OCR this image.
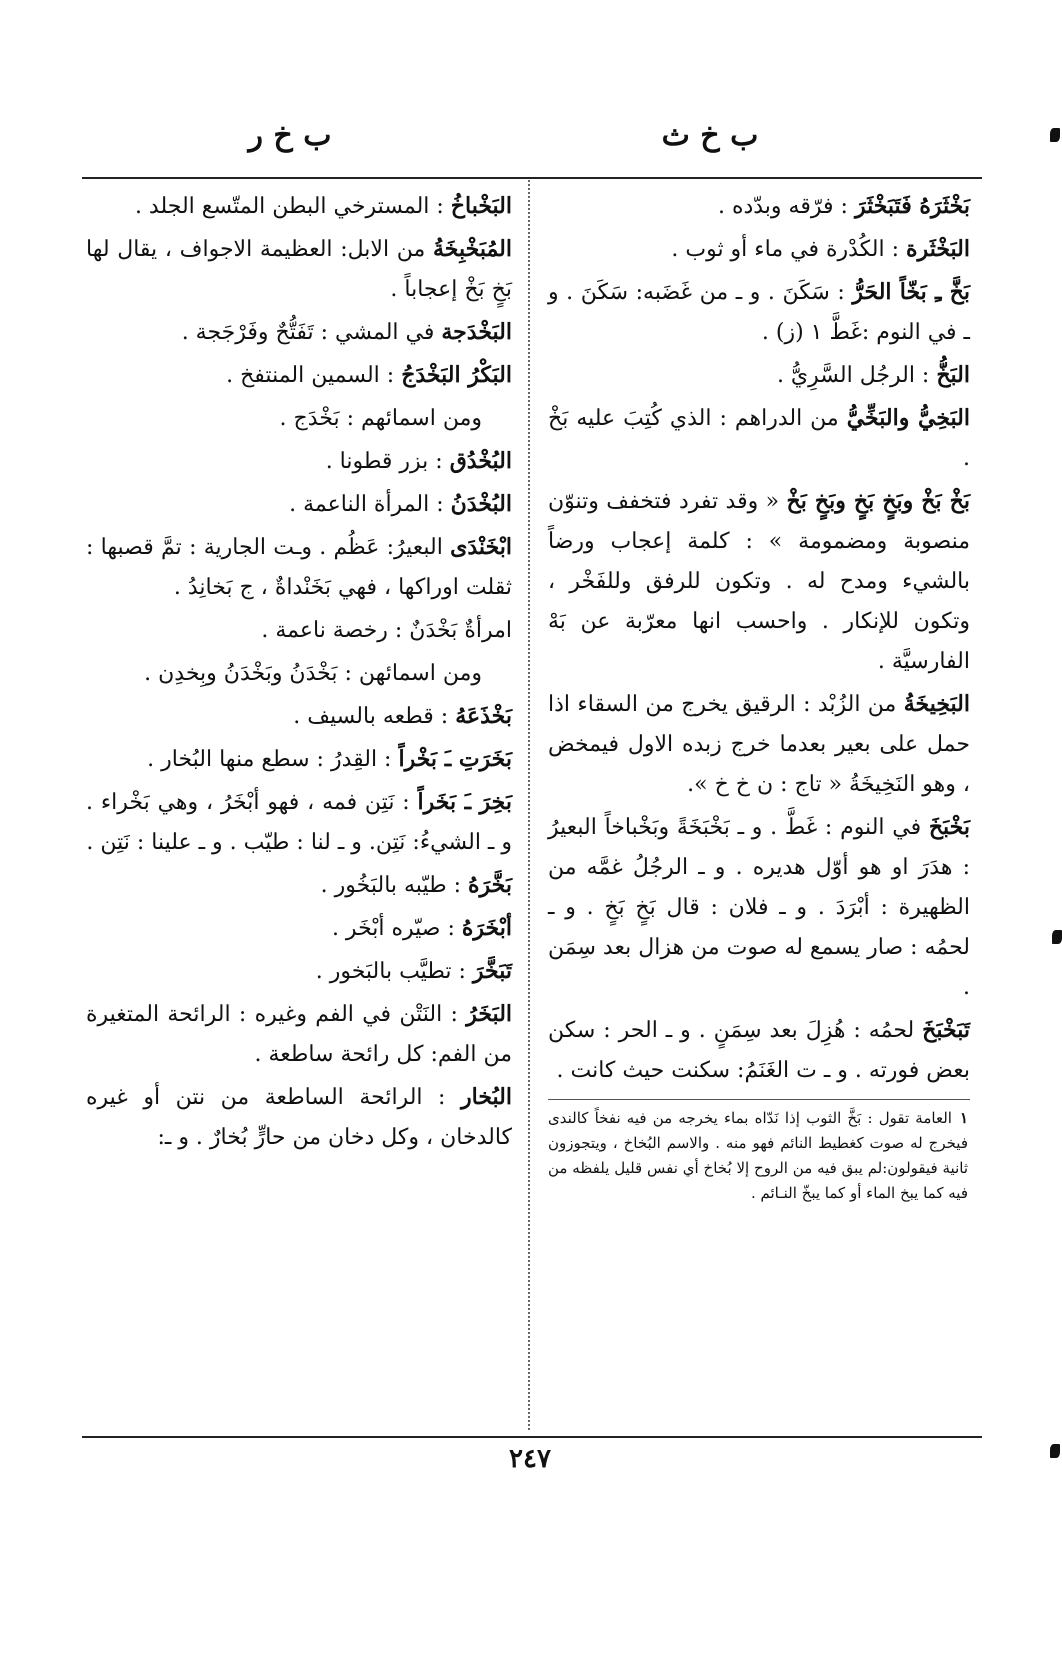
ب خ ث
ب خ ر
بَخْثَرَهُ فَتَبَخْثَرَ : فرّقه وبدّده .
البَخْثَرة : الكُدْرة في ماء أو ثوب .
بَخَّ ـِ بَخّاً الحَرُّ : سَكَنَ . و ـ من غَضَبه: سَكَنَ . و ـ في النوم :غَطَّ ١ (ز) .
البَخُّ : الرجُل السَّرِيُّ .
البَخِيُّ والبَخِّيُّ من الدراهم : الذي كُتِبَ عليه بَخْ .
بَخْ بَخْ وبَخٍ بَخٍ وبَخٍ بَخْ « وقد تفرد فتخفف وتنوّن منصوبة ومضمومة » : كلمة إعجاب ورضاً بالشيء ومدح له . وتكون للرفق وللفَخْر ، وتكون للإنكار . واحسب انها معرّبة عن بَهْ الفارسيَّة .
البَخِيخَةُ من الزُبْد : الرقيق يخرج من السقاء اذا حمل على بعير بعدما خرج زبده الاول فيمخض ، وهو النَخِيخَةُ « تاج : ن خ خ ».
بَخْبَخَ في النوم : غَطَّ . و ـ بَخْبَخَةً وبَخْباخاً البعيرُ : هدَرَ او هو أوّل هديره . و ـ الرجُلُ غمَّه من الظهيرة : أبْرَدَ . و ـ فلان : قال بَخٍ بَخٍ . و ـ لحمُه : صار يسمع له صوت من هزال بعد سِمَن .
تَبَخْبَخَ لحمُه : هُزِلَ بعد سِمَنٍ . و ـ الحر : سكن بعض فورته . و ـ ت الغَنَمُ: سكنت حيث كانت .
١العامة تقول : بَخَّ الثوب إذا نَدّاه بماء يخرجه من فيه نفخاً كالندى فيخرج له صوت كغطيط النائم فهو منه . والاسم البُخاخ ، ويتجوزون ثانية فيقولون:لم يبق فيه من الروح إلا بُخاخ أي نفس قليل يلفظه من فيه كما يبخ الماء أو كما يبخّ النـائم .
البَخْباخُ : المسترخي البطن المتّسع الجلد .
المُبَخْبِخَةُ من الابل: العظيمة الاجواف ، يقال لها بَخٍ بَخْ إعجاباً .
البَخْدَجة في المشي : تَفَتُّحٌ وفَرْجَجة .
البَكْرُ البَخْدَجُ : السمين المنتفخ .
ومن اسمائهم : بَخْدَج .
البُخْدُق : بزر قطونا .
البُخْدَنُ : المرأة الناعمة .
ابْخَنْدَى البعيرُ: عَظُم . وـت الجارية : تمَّ قصبها : ثقلت اوراكها ، فهي بَخَنْداةٌ ، ج بَخانِدُ .
امرأةٌ بَخْدَنٌ : رخصة ناعمة .
ومن اسمائهن : بَخْدَنُ وبَخْدَنُ وبِخدِن .
بَخْذَعَهُ : قطعه بالسيف .
بَخَرَتِ ـَ بَخْراً : القِدرُ : سطع منها البُخار .
بَخِرَ ـَ بَخَراً : نَتِن فمه ، فهو أبْخَرُ ، وهي بَخْراء . و ـ الشيءُ: نَتِن. و ـ لنا : طيّب . و ـ علينا : نَتِن .
بَخَّرَهُ : طيّبه بالبَخُور .
أبْخَرَهُ : صيّره أبْخَر .
تَبَخَّرَ : تطيَّب بالبَخور .
البَخَرُ : النَتْن في الفم وغيره : الرائحة المتغيرة من الفم: كل رائحة ساطعة .
البُخار : الرائحة الساطعة من نتن أو غيره كالدخان ، وكل دخان من حارٍّ بُخارٌ . و ـ:
٢٤٧
